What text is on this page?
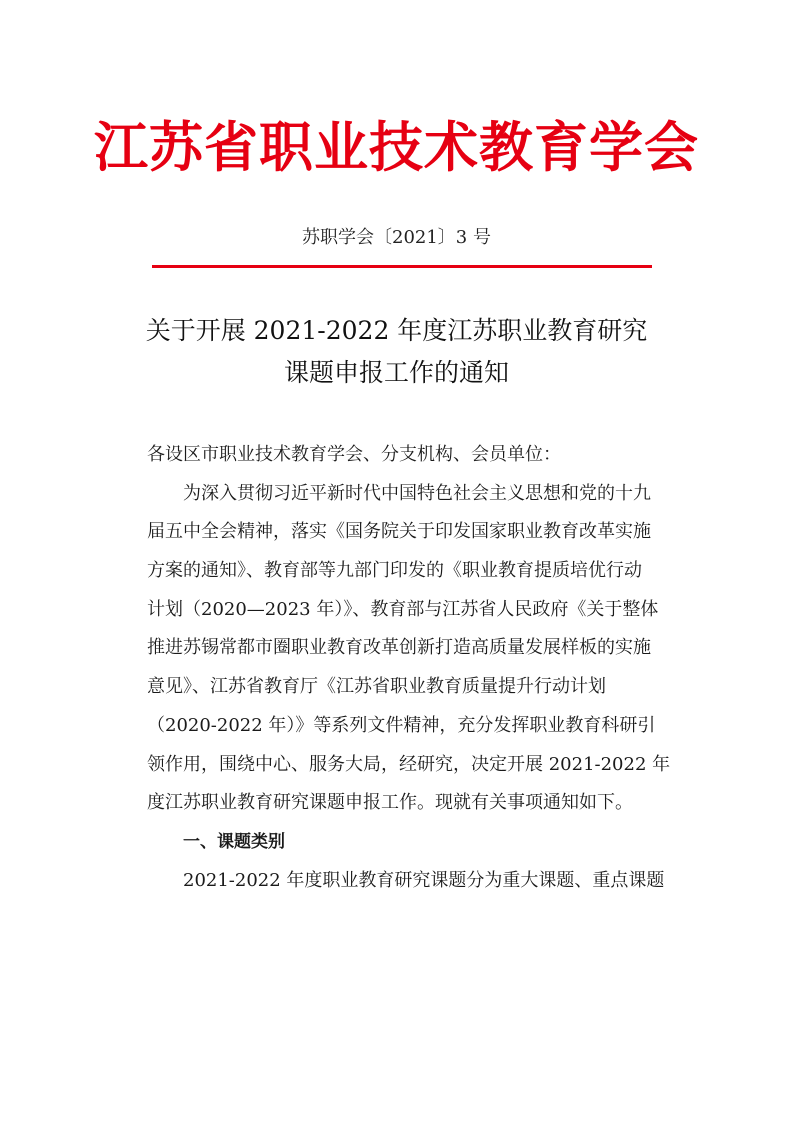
江苏省职业技术教育学会
苏职学会〔2021〕3 号
关于开展 2021-2022 年度江苏职业教育研究
课题申报工作的通知
各设区市职业技术教育学会、分支机构、会员单位：
为深入贯彻习近平新时代中国特色社会主义思想和党的十九
届五中全会精神，落实《国务院关于印发国家职业教育改革实施
方案的通知》、教育部等九部门印发的《职业教育提质培优行动
计划（2020—2023 年）》、教育部与江苏省人民政府《关于整体
推进苏锡常都市圈职业教育改革创新打造高质量发展样板的实施
意见》、江苏省教育厅《江苏省职业教育质量提升行动计划
（2020-2022 年）》等系列文件精神，充分发挥职业教育科研引
领作用，围绕中心、服务大局，经研究，决定开展 2021-2022 年
度江苏职业教育研究课题申报工作。现就有关事项通知如下。
一、课题类别
2021-2022 年度职业教育研究课题分为重大课题、重点课题
